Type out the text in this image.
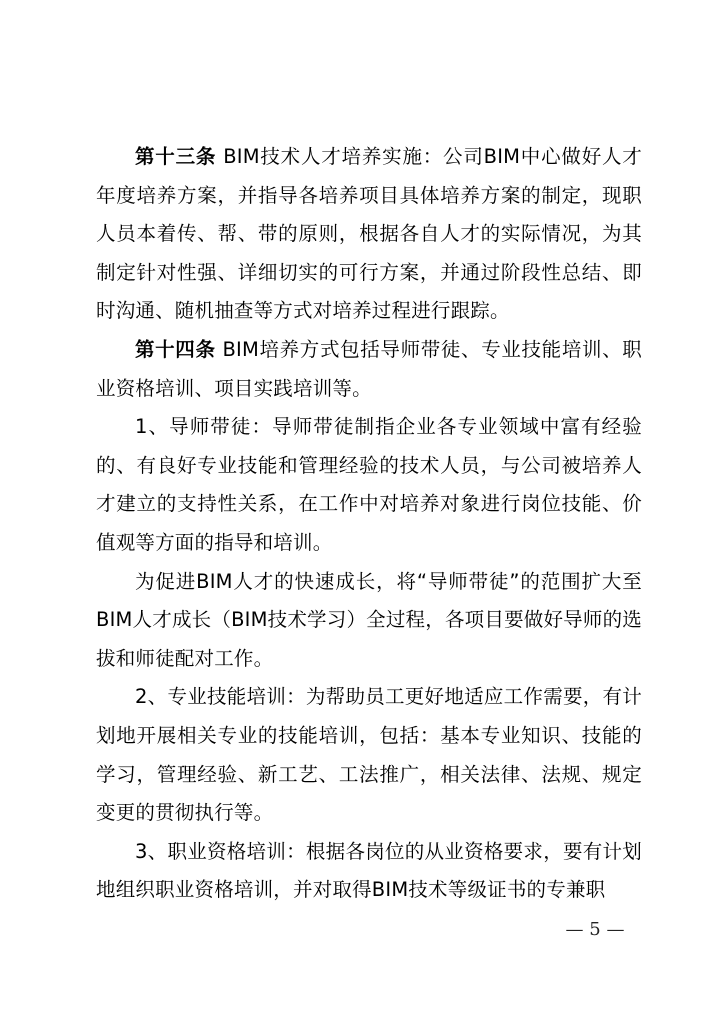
第十三条 BIM技术人才培养实施：公司BIM中心做好人才年度培养方案，并指导各培养项目具体培养方案的制定，现职人员本着传、帮、带的原则，根据各自人才的实际情况，为其制定针对性强、详细切实的可行方案，并通过阶段性总结、即时沟通、随机抽查等方式对培养过程进行跟踪。

第十四条 BIM培养方式包括导师带徒、专业技能培训、职业资格培训、项目实践培训等。

1、导师带徒：导师带徒制指企业各专业领域中富有经验的、有良好专业技能和管理经验的技术人员，与公司被培养人才建立的支持性关系，在工作中对培养对象进行岗位技能、价值观等方面的指导和培训。

为促进BIM人才的快速成长，将“导师带徒”的范围扩大至BIM人才成长（BIM技术学习）全过程，各项目要做好导师的选拔和师徒配对工作。

2、专业技能培训：为帮助员工更好地适应工作需要，有计划地开展相关专业的技能培训，包括：基本专业知识、技能的学习，管理经验、新工艺、工法推广，相关法律、法规、规定变更的贯彻执行等。

3、职业资格培训：根据各岗位的从业资格要求，要有计划地组织职业资格培训，并对取得BIM技术等级证书的专兼职

— 5 —
